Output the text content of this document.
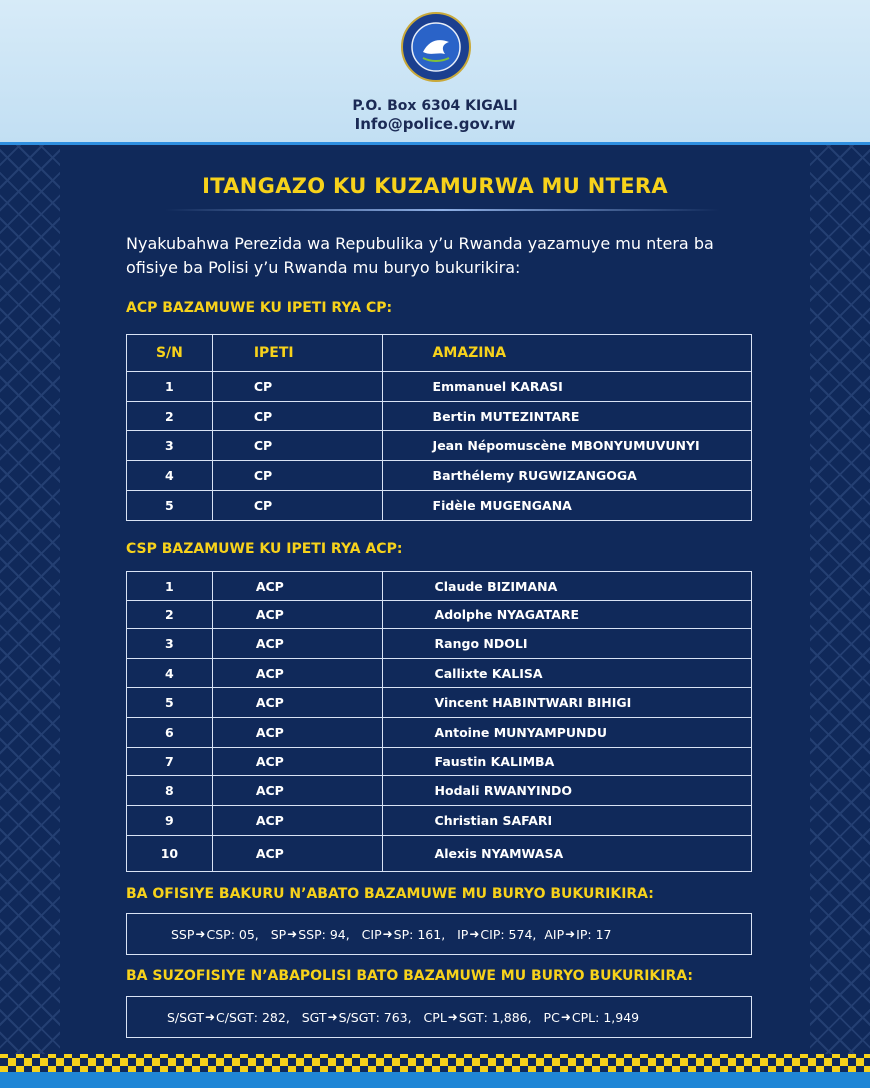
P.O. Box 6304 KIGALI
Info@police.gov.rw
ITANGAZO KU KUZAMURWA MU NTERA
Nyakubahwa Perezida wa Repubulika y’u Rwanda yazamuye mu ntera ba ofisiye ba Polisi y’u Rwanda mu buryo bukurikira:
ACP BAZAMUWE KU IPETI RYA CP:
S/N	IPETI	AMAZINA
1	CP	Emmanuel KARASI
2	CP	Bertin MUTEZINTARE
3	CP	Jean Népomuscène MBONYUMUVUNYI
4	CP	Barthélemy RUGWIZANGOGA
5	CP	Fidèle MUGENGANA
CSP BAZAMUWE KU IPETI RYA ACP:
1	ACP	Claude BIZIMANA
2	ACP	Adolphe NYAGATARE
3	ACP	Rango NDOLI
4	ACP	Callixte KALISA
5	ACP	Vincent HABINTWARI BIHIGI
6	ACP	Antoine MUNYAMPUNDU
7	ACP	Faustin KALIMBA
8	ACP	Hodali RWANYINDO
9	ACP	Christian SAFARI
10	ACP	Alexis NYAMWASA
BA OFISIYE BAKURU N’ABATO BAZAMUWE MU BURYO BUKURIKIRA:
SSP ➜ CSP : 05 , SP ➜ SSP : 94 , CIP ➜ SP : 161 , IP ➜ CIP : 574 , AIP ➜ IP : 17
BA SUZOFISIYE N’ABAPOLISI BATO BAZAMUWE MU BURYO BUKURIKIRA:
S/SGT ➜ C/SGT : 282 , SGT ➜ S/SGT : 763 , CPL ➜ SGT : 1,886 , PC ➜ CPL : 1,949
